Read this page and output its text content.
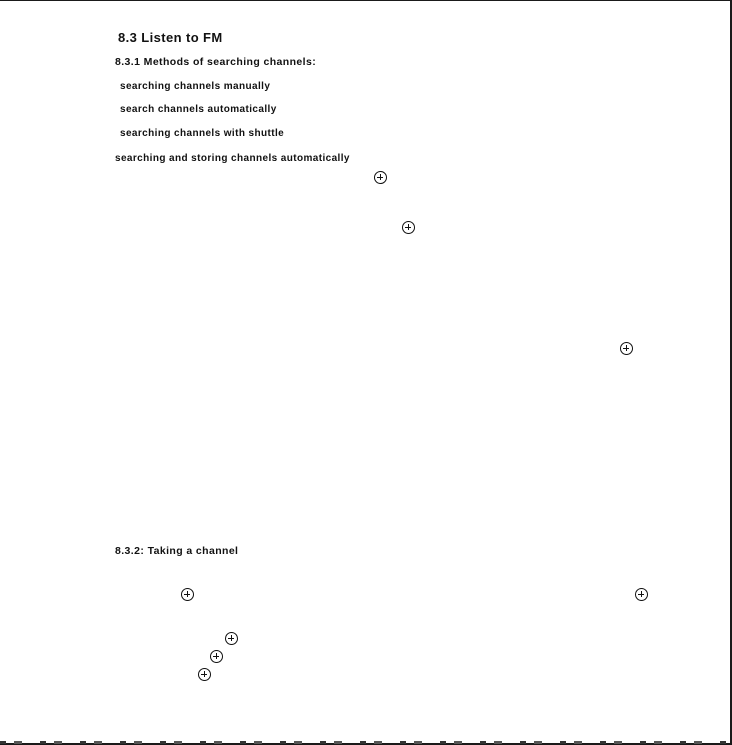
8.3 Listen to FM
8.3.1 Methods of searching channels:
searching channels manually
search channels automatically
searching channels with shuttle
searching and storing channels automatically
8.3.2: Taking a channel
